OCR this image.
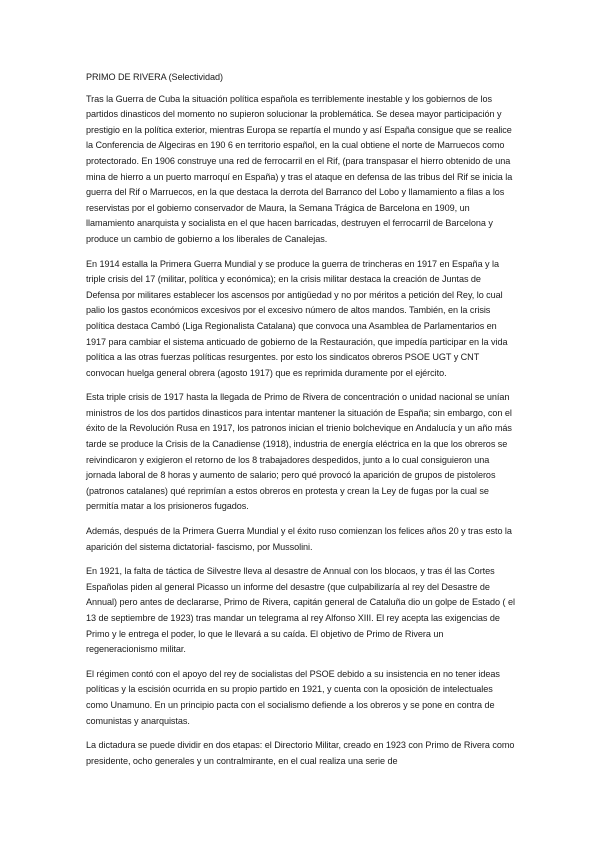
PRIMO DE RIVERA (Selectividad)

Tras la Guerra de Cuba la situación política española es terriblemente inestable y los gobiernos de los partidos dinasticos del momento no supieron solucionar la problemática. Se desea mayor participación y prestigio en la política exterior, mientras Europa se repartía el mundo y así España consigue que se realice la Conferencia de Algeciras en 190 6 en territorio español, en la cual obtiene el norte de Marruecos como protectorado. En 1906 construye una red de ferrocarril en el Rif, (para transpasar el hierro obtenido de una mina de hierro a un puerto marroquí en España) y tras el ataque en defensa de las tribus del Rif se inicia la guerra del Rif o Marruecos, en la que destaca la derrota del Barranco del Lobo y llamamiento a filas a los reservistas por el gobierno conservador de Maura, la Semana Trágica de Barcelona en 1909, un llamamiento anarquista y socialista en el que hacen barricadas, destruyen el ferrocarril de Barcelona y produce un cambio de gobierno a los liberales de Canalejas.

En 1914 estalla la Primera Guerra Mundial y se produce la guerra de trincheras en 1917 en España y la triple crisis del 17 (militar, política y económica); en la crisis militar destaca la creación de Juntas de Defensa por militares establecer los ascensos por antigüedad y no por méritos a petición del Rey, lo cual palio los gastos económicos excesivos por el excesivo número de altos mandos. También, en la crisis política destaca Cambó (Liga Regionalista Catalana) que convoca una Asamblea de Parlamentarios en 1917 para cambiar el sistema anticuado de gobierno de la Restauración, que impedía participar en la vida política a las otras fuerzas políticas resurgentes. por esto los sindicatos obreros PSOE UGT y CNT convocan huelga general obrera (agosto 1917) que es reprimida duramente por el ejército.

Esta triple crisis de 1917 hasta la llegada de Primo de Rivera de concentración o unidad nacional se unían ministros de los dos partidos dinasticos para intentar mantener la situación de España; sin embargo, con el éxito de la Revolución Rusa en 1917, los patronos inician el trienio bolchevique en Andalucía y un año más tarde se produce la Crisis de la Canadiense (1918), industria de energía eléctrica en la que los obreros se reivindicaron y exigieron el retorno de los 8 trabajadores despedidos, junto a lo cual consiguieron una jornada laboral de 8 horas y aumento de salario; pero qué provocó la aparición de grupos de pistoleros (patronos catalanes) qué reprimían a estos obreros en protesta y crean la Ley de fugas por la cual se permitía matar a los prisioneros fugados.

Además, después de la Primera Guerra Mundial y el éxito ruso comienzan los felices años 20 y tras esto la aparición del sistema dictatorial- fascismo, por Mussolini.

En 1921, la falta de táctica de Silvestre lleva al desastre de Annual con los blocaos, y tras él las Cortes Españolas piden al general Picasso un informe del desastre (que culpabilizaría al rey del Desastre de Annual) pero antes de declararse, Primo de Rivera, capitán general de Cataluña dio un golpe de Estado ( el 13 de septiembre de 1923) tras mandar un telegrama al rey Alfonso XIII. El rey acepta las exigencias de Primo y le entrega el poder, lo que le llevará a su caída. El objetivo de Primo de Rivera un regeneracionismo militar.

El régimen contó con el apoyo del rey de socialistas del PSOE debido a su insistencia en no tener ideas políticas y la escisión ocurrida en su propio partido en 1921, y cuenta con la oposición de intelectuales como Unamuno. En un principio pacta con el socialismo defiende a los obreros y se pone en contra de comunistas y anarquistas.

La dictadura se puede dividir en dos etapas: el Directorio Militar, creado en 1923 con Primo de Rivera como presidente, ocho generales y un contralmirante, en el cual realiza una serie de
